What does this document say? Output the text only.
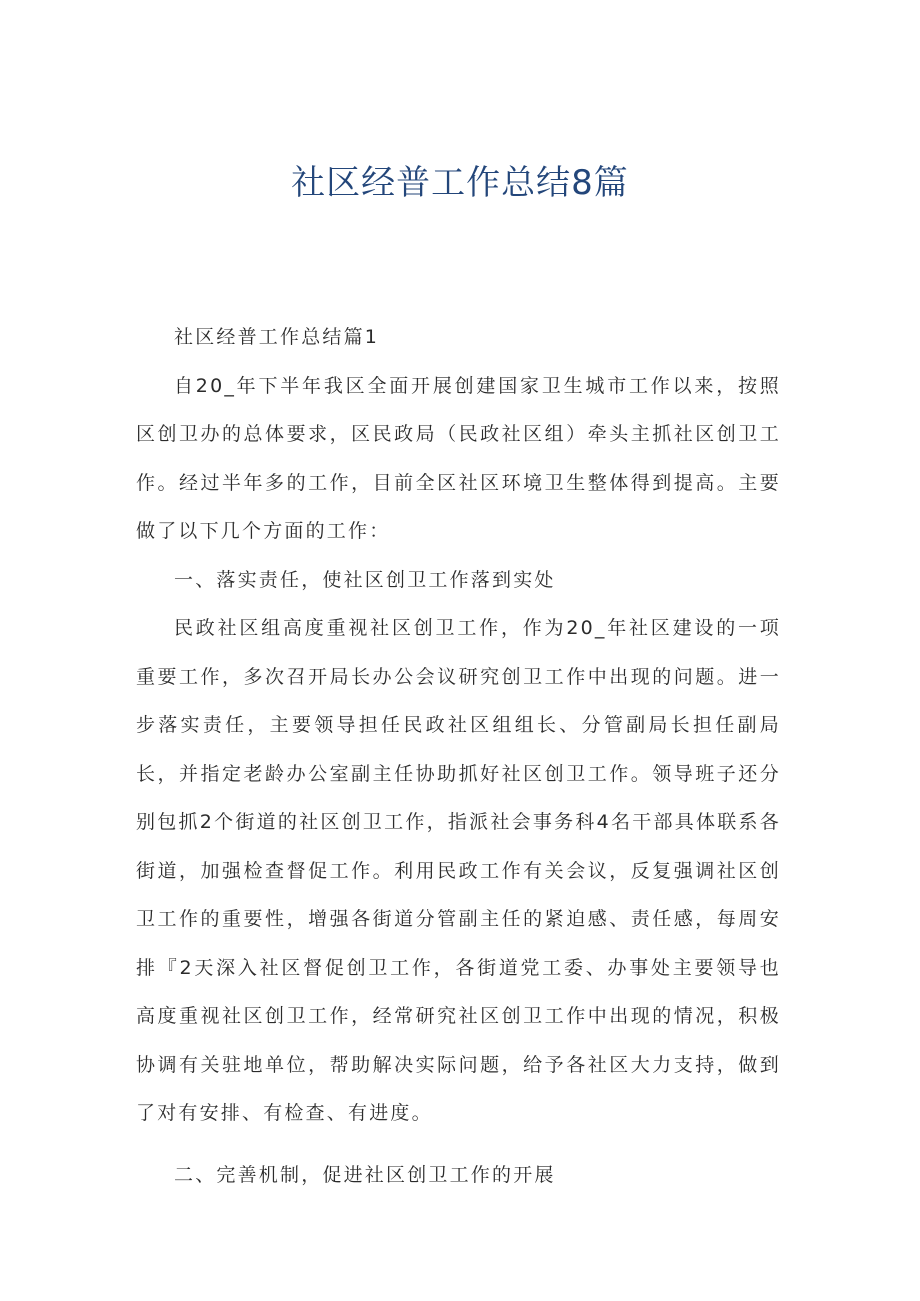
社区经普工作总结8篇

社区经普工作总结篇1

自20_年下半年我区全面开展创建国家卫生城市工作以来，按照区创卫办的总体要求，区民政局（民政社区组）牵头主抓社区创卫工作。经过半年多的工作，目前全区社区环境卫生整体得到提高。主要做了以下几个方面的工作：

一、落实责任，使社区创卫工作落到实处

民政社区组高度重视社区创卫工作，作为20_年社区建设的一项重要工作，多次召开局长办公会议研究创卫工作中出现的问题。进一步落实责任，主要领导担任民政社区组组长、分管副局长担任副局长，并指定老龄办公室副主任协助抓好社区创卫工作。领导班子还分别包抓2个街道的社区创卫工作，指派社会事务科4名干部具体联系各街道，加强检查督促工作。利用民政工作有关会议，反复强调社区创卫工作的重要性，增强各街道分管副主任的紧迫感、责任感，每周安排『2天深入社区督促创卫工作，各街道党工委、办事处主要领导也高度重视社区创卫工作，经常研究社区创卫工作中出现的情况，积极协调有关驻地单位，帮助解决实际问题，给予各社区大力支持，做到了对有安排、有检查、有进度。

二、完善机制，促进社区创卫工作的开展
